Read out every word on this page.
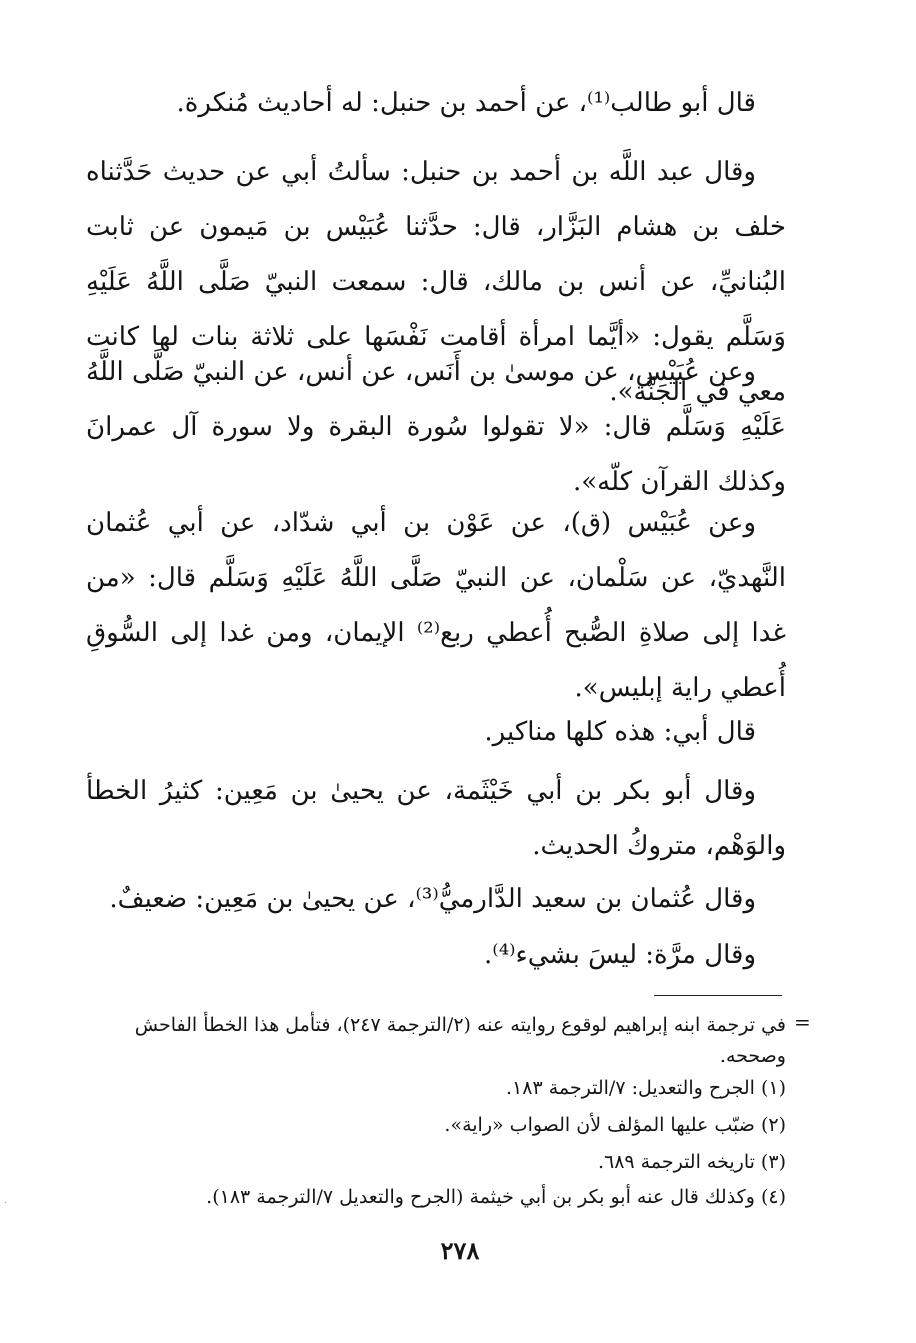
قال أبو طالب⁽¹⁾، عن أحمد بن حنبل: له أحاديث مُنكرة.

وقال عبد اللَّه بن أحمد بن حنبل: سألتُ أبي عن حديث حَدَّثناه خلف بن هشام البَزَّار، قال: حدَّثنا عُبَيْس بن مَيمون عن ثابت البُنانيِّ، عن أنس بن مالك، قال: سمعت النبيّ صَلَّى اللَّهُ عَلَيْهِ وَسَلَّم يقول: «أيَّما امرأة أقامت نَفْسَها على ثلاثة بنات لها كانت معي في الجَنَّة».

وعن عُبَيْس، عن موسىٰ بن أَنَس، عن أنس، عن النبيّ صَلَّى اللَّهُ عَلَيْهِ وَسَلَّم قال: «لا تقولوا سُورة البقرة ولا سورة آل عمرانَ وكذلك القرآن كلّه».

وعن عُبَيْس (ق)، عن عَوْن بن أبي شدّاد، عن أبي عُثمان النَّهديّ، عن سَلْمان، عن النبيّ صَلَّى اللَّهُ عَلَيْهِ وَسَلَّم قال: «من غدا إلى صلاةِ الصُّبح أُعطي ربع⁽²⁾ الإيمان، ومن غدا إلى السُّوقِ أُعطي راية إبليس».

قال أبي: هذه كلها مناكير.

وقال أبو بكر بن أبي خَيْثَمة، عن يحيىٰ بن مَعِين: كثيرُ الخطأ والوَهْم، متروكُ الحديث.

وقال عُثمان بن سعيد الدَّارميُّ⁽³⁾، عن يحيىٰ بن مَعِين: ضعيفٌ.

وقال مرَّة: ليسَ بشيء⁽⁴⁾.

=

في ترجمة ابنه إبراهيم لوقوع روايته عنه (٢/الترجمة ٢٤٧)، فتأمل هذا الخطأ الفاحش وصححه.

(١) الجرح والتعديل: ٧/الترجمة ١٨٣.

(٢) ضبّب عليها المؤلف لأن الصواب «راية».

(٣) تاريخه الترجمة ٦٨٩.

(٤) وكذلك قال عنه أبو بكر بن أبي خيثمة (الجرح والتعديل ٧/الترجمة ١٨٣).

٢٧٨
·
